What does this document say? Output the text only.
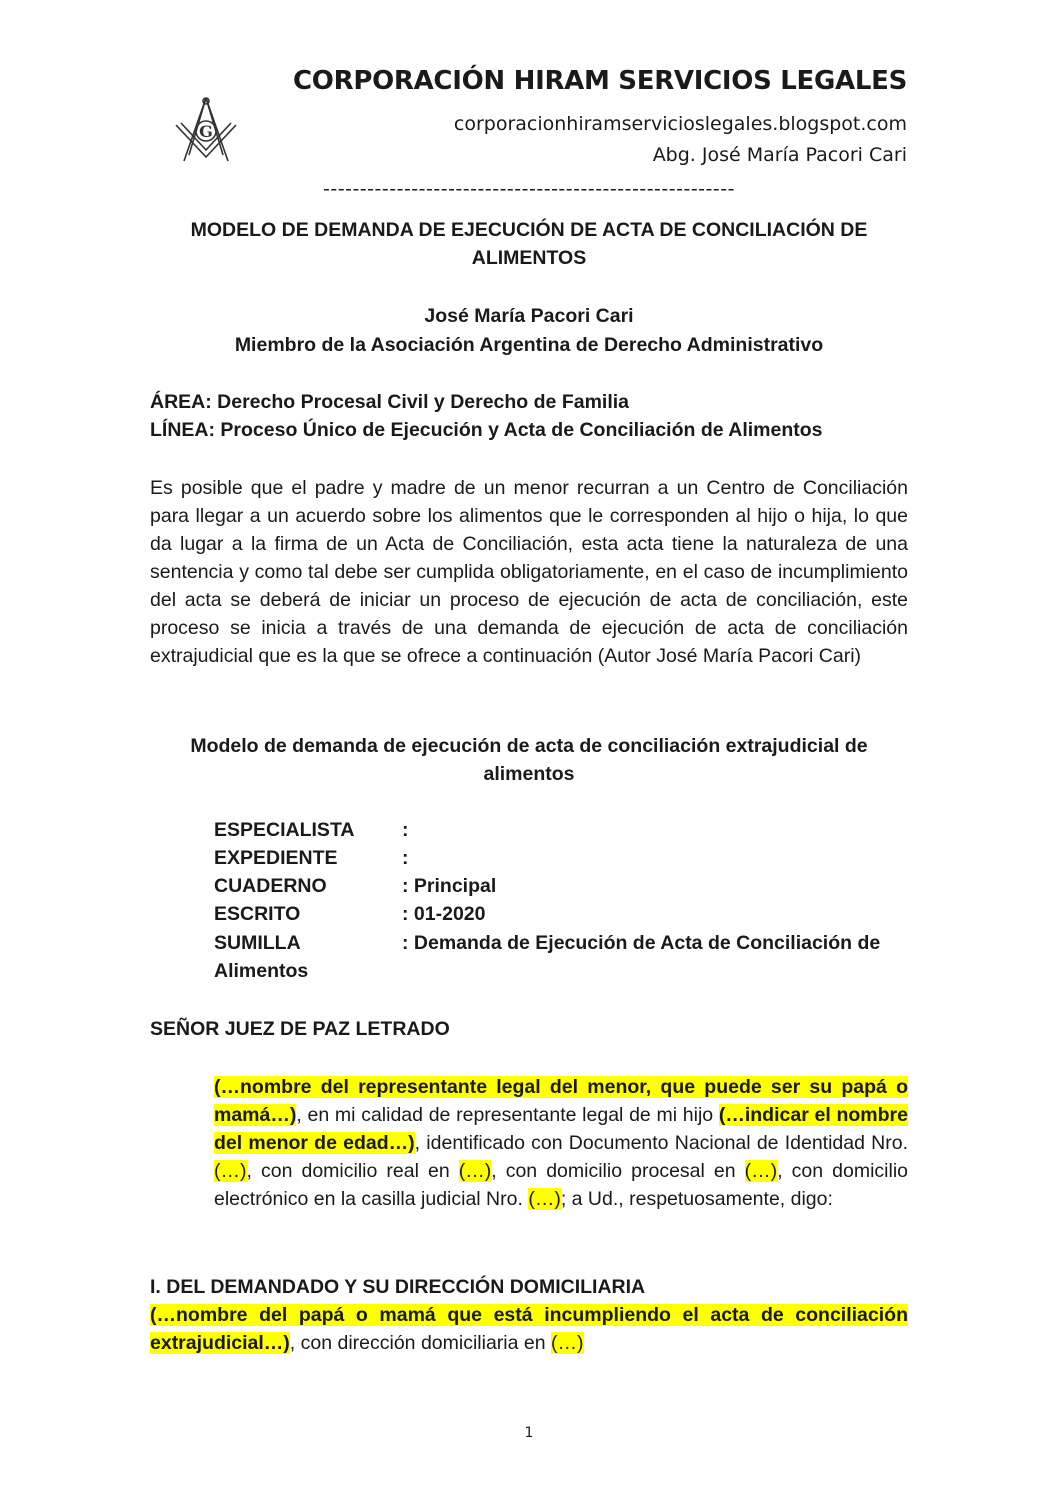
CORPORACIÓN HIRAM SERVICIOS LEGALES
corporacionhiramservicioslegales.blogspot.com
Abg. José María Pacori Cari
G
--------------------------------------------------------
MODELO DE DEMANDA DE EJECUCIÓN DE ACTA DE CONCILIACIÓN DE
ALIMENTOS
José María Pacori Cari
Miembro de la Asociación Argentina de Derecho Administrativo
ÁREA: Derecho Procesal Civil y Derecho de Familia
LÍNEA: Proceso Único de Ejecución y Acta de Conciliación de Alimentos
Es posible que el padre y madre de un menor recurran a un Centro de Conciliación para llegar a un acuerdo sobre los alimentos que le corresponden al hijo o hija, lo que da lugar a la firma de un Acta de Conciliación, esta acta tiene la naturaleza de una sentencia y como tal debe ser cumplida obligatoriamente, en el caso de incumplimiento del acta se deberá de iniciar un proceso de ejecución de acta de conciliación, este proceso se inicia a través de una demanda de ejecución de acta de conciliación extrajudicial que es la que se ofrece a continuación (Autor José María Pacori Cari)
Modelo de demanda de ejecución de acta de conciliación extrajudicial de
alimentos
ESPECIALISTA	:
EXPEDIENTE	:
CUADERNO	: Principal
ESCRITO	: 01-2020
SUMILLA	: Demanda de Ejecución de Acta de Conciliación de
Alimentos
SEÑOR JUEZ DE PAZ LETRADO
(…nombre del representante legal del menor, que puede ser su papá o mamá…), en mi calidad de representante legal de mi hijo (…indicar el nombre del menor de edad…), identificado con Documento Nacional de Identidad Nro. (…), con domicilio real en (…), con domicilio procesal en (…), con domicilio electrónico en la casilla judicial Nro. (…); a Ud., respetuosamente, digo:
I. DEL DEMANDADO Y SU DIRECCIÓN DOMICILIARIA
(…nombre del papá o mamá que está incumpliendo el acta de conciliación extrajudicial…), con dirección domiciliaria en (…)
1
